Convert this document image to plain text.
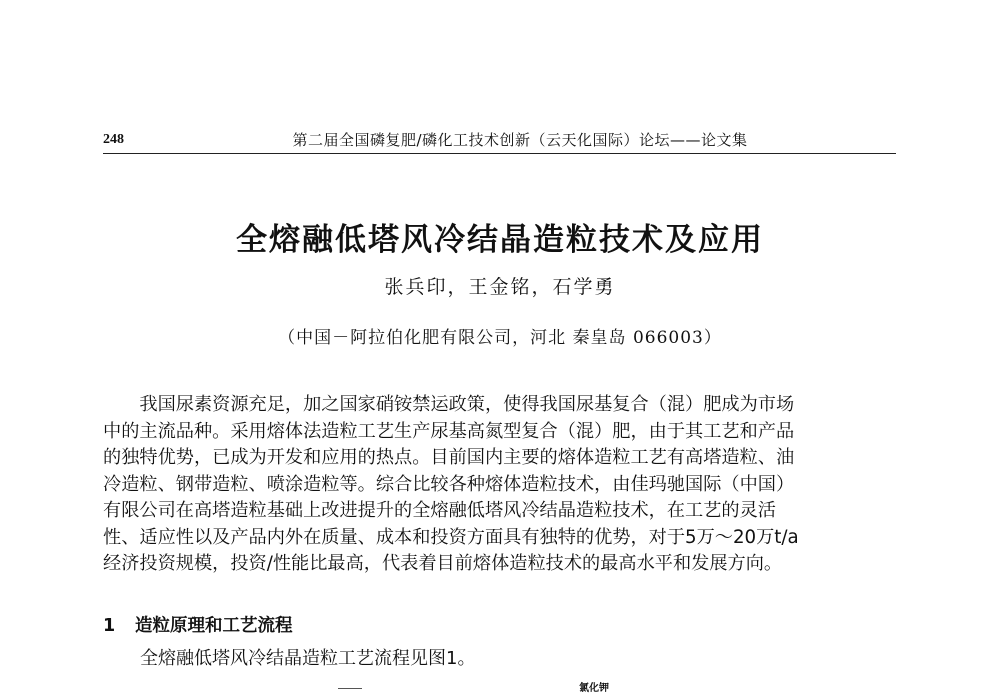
248	第二届全国磷复肥/磷化工技术创新（云天化国际）论坛——论文集
全熔融低塔风冷结晶造粒技术及应用
张兵印，王金铭，石学勇
（中国－阿拉伯化肥有限公司，河北 秦皇岛 066003）
　　我国尿素资源充足，加之国家硝铵禁运政策，使得我国尿基复合（混）肥成为市场
中的主流品种。采用熔体法造粒工艺生产尿基高氮型复合（混）肥，由于其工艺和产品
的独特优势，已成为开发和应用的热点。目前国内主要的熔体造粒工艺有高塔造粒、油
冷造粒、钢带造粒、喷涂造粒等。综合比较各种熔体造粒技术，由佳玛驰国际（中国）
有限公司在高塔造粒基础上改进提升的全熔融低塔风冷结晶造粒技术，在工艺的灵活
性、适应性以及产品内外在质量、成本和投资方面具有独特的优势，对于5万～20万t/a
经济投资规模，投资/性能比最高，代表着目前熔体造粒技术的最高水平和发展方向。
1 造粒原理和工艺流程
全熔融低塔风冷结晶造粒工艺流程见图1。
氯化钾
